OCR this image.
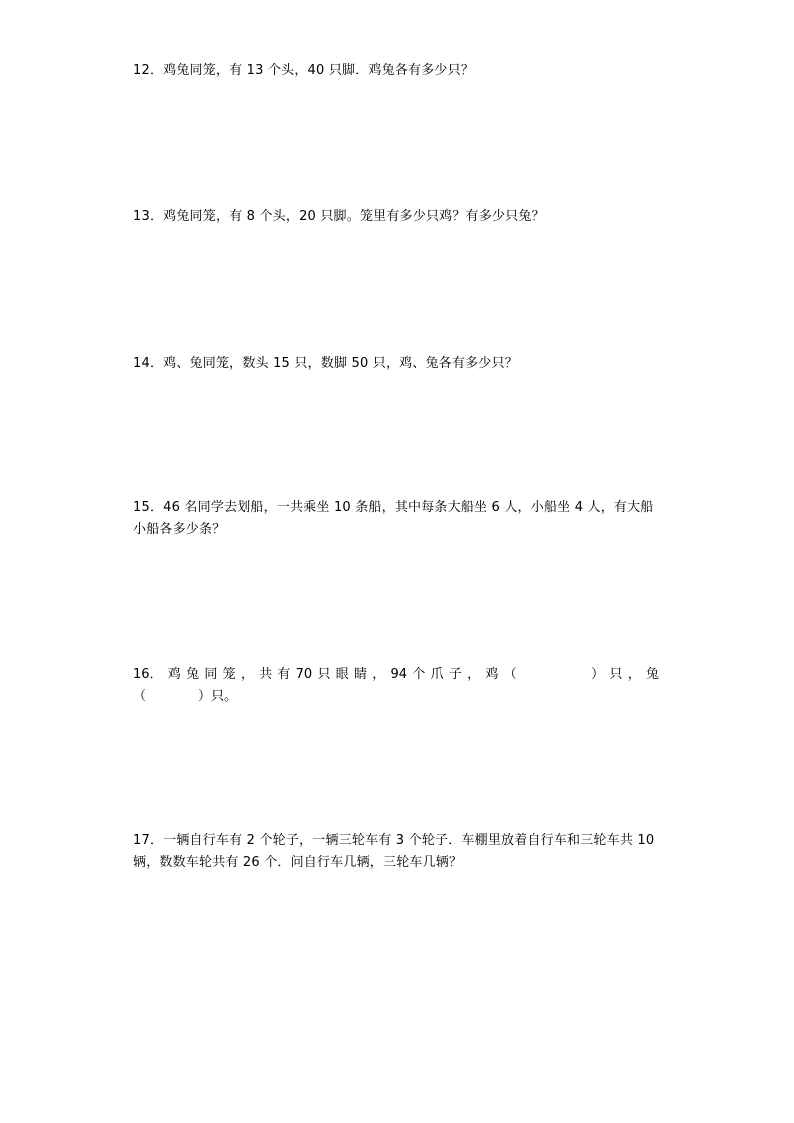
12．鸡兔同笼，有 13 个头，40 只脚．鸡兔各有多少只？

13．鸡兔同笼，有 8 个头，20 只脚。笼里有多少只鸡？有多少只兔？

14．鸡、兔同笼，数头 15 只，数脚 50 只，鸡、兔各有多少只？

15．46 名同学去划船，一共乘坐 10 条船，其中每条大船坐 6 人，小船坐 4 人，有大船

小船各多少条？

16． 鸡 兔 同 笼 ， 共 有 70 只 眼 睛 ， 94 个 爪 子 ， 鸡 （	） 只 ， 兔

（	）只。

17．一辆自行车有 2 个轮子，一辆三轮车有 3 个轮子．车棚里放着自行车和三轮车共 10

辆，数数车轮共有 26 个．问自行车几辆，三轮车几辆？
